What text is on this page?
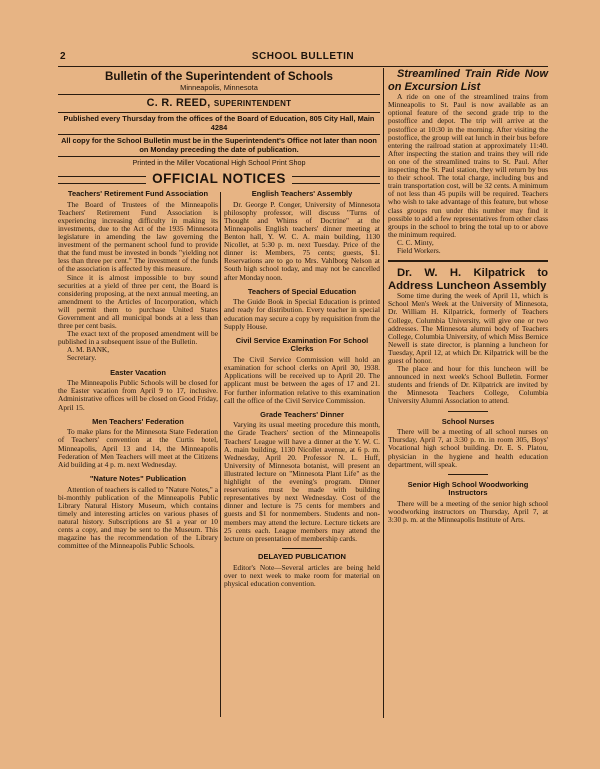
2	SCHOOL BULLETIN
Bulletin of the Superintendent of Schools
Minneapolis, Minnesota
C. R. REED, SUPERINTENDENT
Published every Thursday from the offices of the Board of Education, 805 City Hall, Main 4284
All copy for the School Bulletin must be in the Superintendent's Office not later than noon on Monday preceding the date of publication.
Printed in the Miller Vocational High School Print Shop
OFFICIAL NOTICES
Teachers' Retirement Fund Association

The Board of Trustees of the Minneapolis Teachers' Retirement Fund Association is experiencing increasing difficulty in making its investments, due to the Act of the 1935 Minnesota legislature in amending the law governing the investment of the permanent school fund to provide that the fund must be invested in bonds "yielding not less than three per cent." The investment of the funds of the association is affected by this measure.

Since it is almost impossible to buy sound securities at a yield of three per cent, the Board is considering proposing, at the next annual meeting, an amendment to the Articles of Incorporation, which will permit them to purchase United States Government and all municipal bonds at a less than three per cent basis.

The exact text of the proposed amendment will be published in a subsequent issue of the Bulletin.

A. M. BANK,

Secretary.

Easter Vacation

The Minneapolis Public Schools will be closed for the Easter vacation from April 9 to 17, inclusive. Administrative offices will be closed on Good Friday, April 15.

Men Teachers' Federation

To make plans for the Minnesota State Federation of Teachers' convention at the Curtis hotel, Minneapolis, April 13 and 14, the Minneapolis Federation of Men Teachers will meet at the Citizens Aid building at 4 p. m. next Wednesday.

"Nature Notes" Publication

Attention of teachers is called to "Nature Notes," a bi-monthly publication of the Minneapolis Public Library Natural History Museum, which contains timely and interesting articles on various phases of natural history. Subscriptions are $1 a year or 10 cents a copy, and may be sent to the Museum. This magazine has the recommendation of the Library committee of the Minneapolis Public Schools.

English Teachers' Assembly

Dr. George P. Conger, University of Minnesota philosophy professor, will discuss "Turns of Thought and Whims of Doctrine" at the Minneapolis English teachers' dinner meeting at Benton hall, Y. W. C. A. main building, 1130 Nicollet, at 5:30 p. m. next Tuesday. Price of the dinner is: Members, 75 cents; guests, $1. Reservations are to go to Mrs. Vahlborg Nelson at South high school today, and may not be cancelled after Monday noon.

Teachers of Special Education

The Guide Book in Special Education is printed and ready for distribution. Every teacher in special education may secure a copy by requisition from the Supply House.

Civil Service Examination For School Clerks

The Civil Service Commission will hold an examination for school clerks on April 30, 1938. Applications will be received up to April 20. The applicant must be between the ages of 17 and 21. For further information relative to this examination call the office of the Civil Service Commission.

Grade Teachers' Dinner

Varying its usual meeting procedure this month, the Grade Teachers' section of the Minneapolis Teachers' League will have a dinner at the Y. W. C. A. main building, 1130 Nicollet avenue, at 6 p. m. Wednesday, April 20. Professor N. L. Huff, University of Minnesota botanist, will present an illustrated lecture on "Minnesota Plant Life" as the highlight of the evening's program. Dinner reservations must be made with building representatives by next Wednesday. Cost of the dinner and lecture is 75 cents for members and guests and $1 for nonmembers. Students and non-members may attend the lecture. Lecture tickets are 25 cents each. League members may attend the lecture on presentation of membership cards.

DELAYED PUBLICATION

Editor's Note—Several articles are being held over to next week to make room for material on physical education convention.

Streamlined Train Ride Now on Excursion List

A ride on one of the streamlined trains from Minneapolis to St. Paul is now available as an optional feature of the second grade trip to the postoffice and depot. The trip will arrive at the postoffice at 10:30 in the morning. After visiting the postoffice, the group will eat lunch in their bus before entering the railroad station at approximately 11:40. After inspecting the station and trains they will ride on one of the streamlined trains to St. Paul. After inspecting the St. Paul station, they will return by bus to their school. The total charge, including bus and train transportation cost, will be 32 cents. A minimum of not less than 45 pupils will be required. Teachers who wish to take advantage of this feature, but whose class groups run under this number may find it possible to add a few representatives from other class groups in the school to bring the total up to or above the minimum required.

C. C. Minty,

Field Workers.

Dr. W. H. Kilpatrick to Address Luncheon Assembly

Some time during the week of April 11, which is School Men's Week at the University of Minnesota, Dr. William H. Kilpatrick, formerly of Teachers College, Columbia University, will give one or two addresses. The Minnesota alumni body of Teachers College, Columbia University, of which Miss Bernice Newell is state director, is planning a luncheon for Tuesday, April 12, at which Dr. Kilpatrick will be the guest of honor.

The place and hour for this luncheon will be announced in next week's School Bulletin. Former students and friends of Dr. Kilpatrick are invited by the Minnesota Teachers College, Columbia University Alumni Association to attend.

School Nurses

There will be a meeting of all school nurses on Thursday, April 7, at 3:30 p. m. in room 305, Boys' Vocational high school building. Dr. E. S. Platou, physician in the hygiene and health education department, will speak.

Senior High School Woodworking Instructors

There will be a meeting of the senior high school woodworking instructors on Thursday, April 7, at 3:30 p. m. at the Minneapolis Institute of Arts.
